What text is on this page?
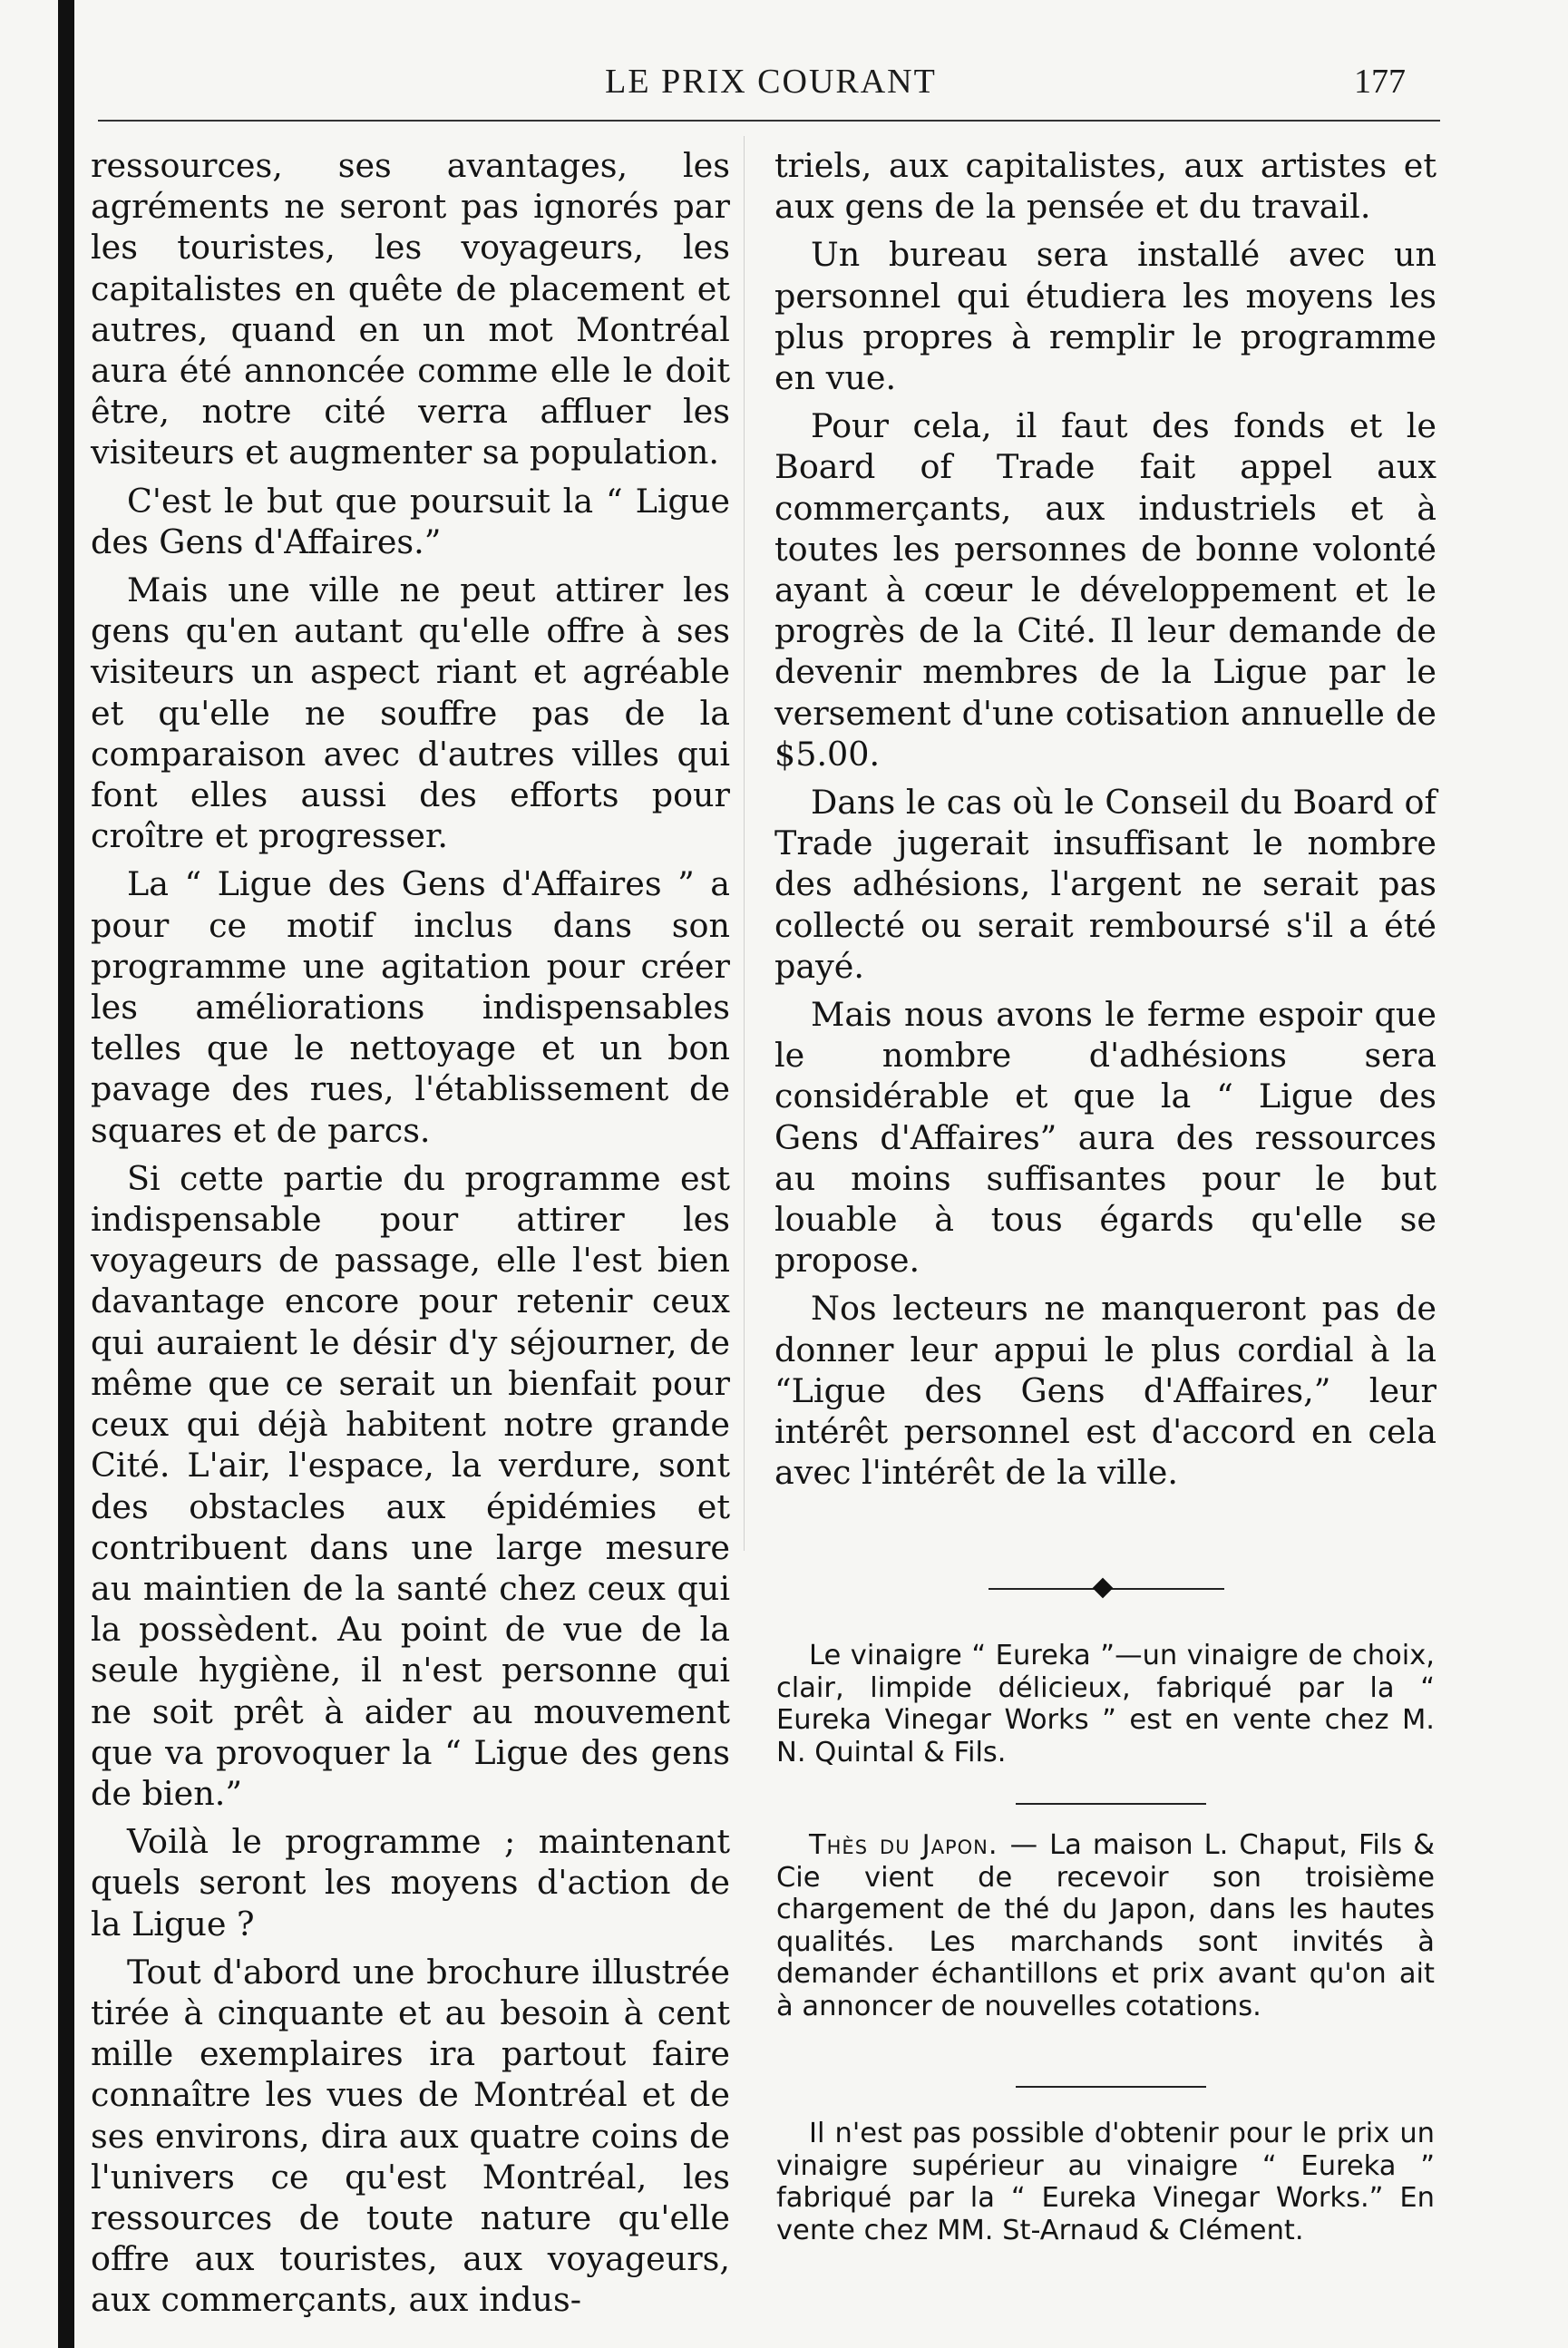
LE PRIX COURANT	177

ressources, ses avantages, les agréments ne seront pas ignorés par les touristes, les voyageurs, les capitalistes en quête de placement et autres, quand en un mot Montréal aura été annoncée comme elle le doit être, notre cité verra affluer les visiteurs et augmenter sa population.

C'est le but que poursuit la “ Ligue des Gens d'Affaires.”

Mais une ville ne peut attirer les gens qu'en autant qu'elle offre à ses visiteurs un aspect riant et agréable et qu'elle ne souffre pas de la comparaison avec d'autres villes qui font elles aussi des efforts pour croître et progresser.

La “ Ligue des Gens d'Affaires ” a pour ce motif inclus dans son programme une agitation pour créer les améliorations indispensables telles que le nettoyage et un bon pavage des rues, l'établissement de squares et de parcs.

Si cette partie du programme est indispensable pour attirer les voyageurs de passage, elle l'est bien davantage encore pour retenir ceux qui auraient le désir d'y séjourner, de même que ce serait un bienfait pour ceux qui déjà habitent notre grande Cité. L'air, l'espace, la verdure, sont des obstacles aux épidémies et contribuent dans une large mesure au maintien de la santé chez ceux qui la possèdent. Au point de vue de la seule hygiène, il n'est personne qui ne soit prêt à aider au mouvement que va provoquer la “ Ligue des gens de bien.”

Voilà le programme ; maintenant quels seront les moyens d'action de la Ligue ?

Tout d'abord une brochure illustrée tirée à cinquante et au besoin à cent mille exemplaires ira partout faire connaître les vues de Montréal et de ses environs, dira aux quatre coins de l'univers ce qu'est Montréal, les ressources de toute nature qu'elle offre aux touristes, aux voyageurs, aux commerçants, aux indus-

triels, aux capitalistes, aux artistes et aux gens de la pensée et du travail.

Un bureau sera installé avec un personnel qui étudiera les moyens les plus propres à remplir le programme en vue.

Pour cela, il faut des fonds et le Board of Trade fait appel aux commerçants, aux industriels et à toutes les personnes de bonne volonté ayant à cœur le développement et le progrès de la Cité. Il leur demande de devenir membres de la Ligue par le versement d'une cotisation annuelle de $5.00.

Dans le cas où le Conseil du Board of Trade jugerait insuffisant le nombre des adhésions, l'argent ne serait pas collecté ou serait remboursé s'il a été payé.

Mais nous avons le ferme espoir que le nombre d'adhésions sera considérable et que la “ Ligue des Gens d'Affaires” aura des ressources au moins suffisantes pour le but louable à tous égards qu'elle se propose.

Nos lecteurs ne manqueront pas de donner leur appui le plus cordial à la “Ligue des Gens d'Affaires,” leur intérêt personnel est d'accord en cela avec l'intérêt de la ville.

Le vinaigre “ Eureka ”—un vinaigre de choix, clair, limpide délicieux, fabriqué par la “ Eureka Vinegar Works ” est en vente chez M. N. Quintal & Fils.

Thès du Japon. — La maison L. Chaput, Fils & Cie vient de recevoir son troisième chargement de thé du Japon, dans les hautes qualités. Les marchands sont invités à demander échantillons et prix avant qu'on ait à annoncer de nouvelles cotations.

Il n'est pas possible d'obtenir pour le prix un vinaigre supérieur au vinaigre “ Eureka ” fabriqué par la “ Eureka Vinegar Works.” En vente chez MM. St-Arnaud & Clément.
